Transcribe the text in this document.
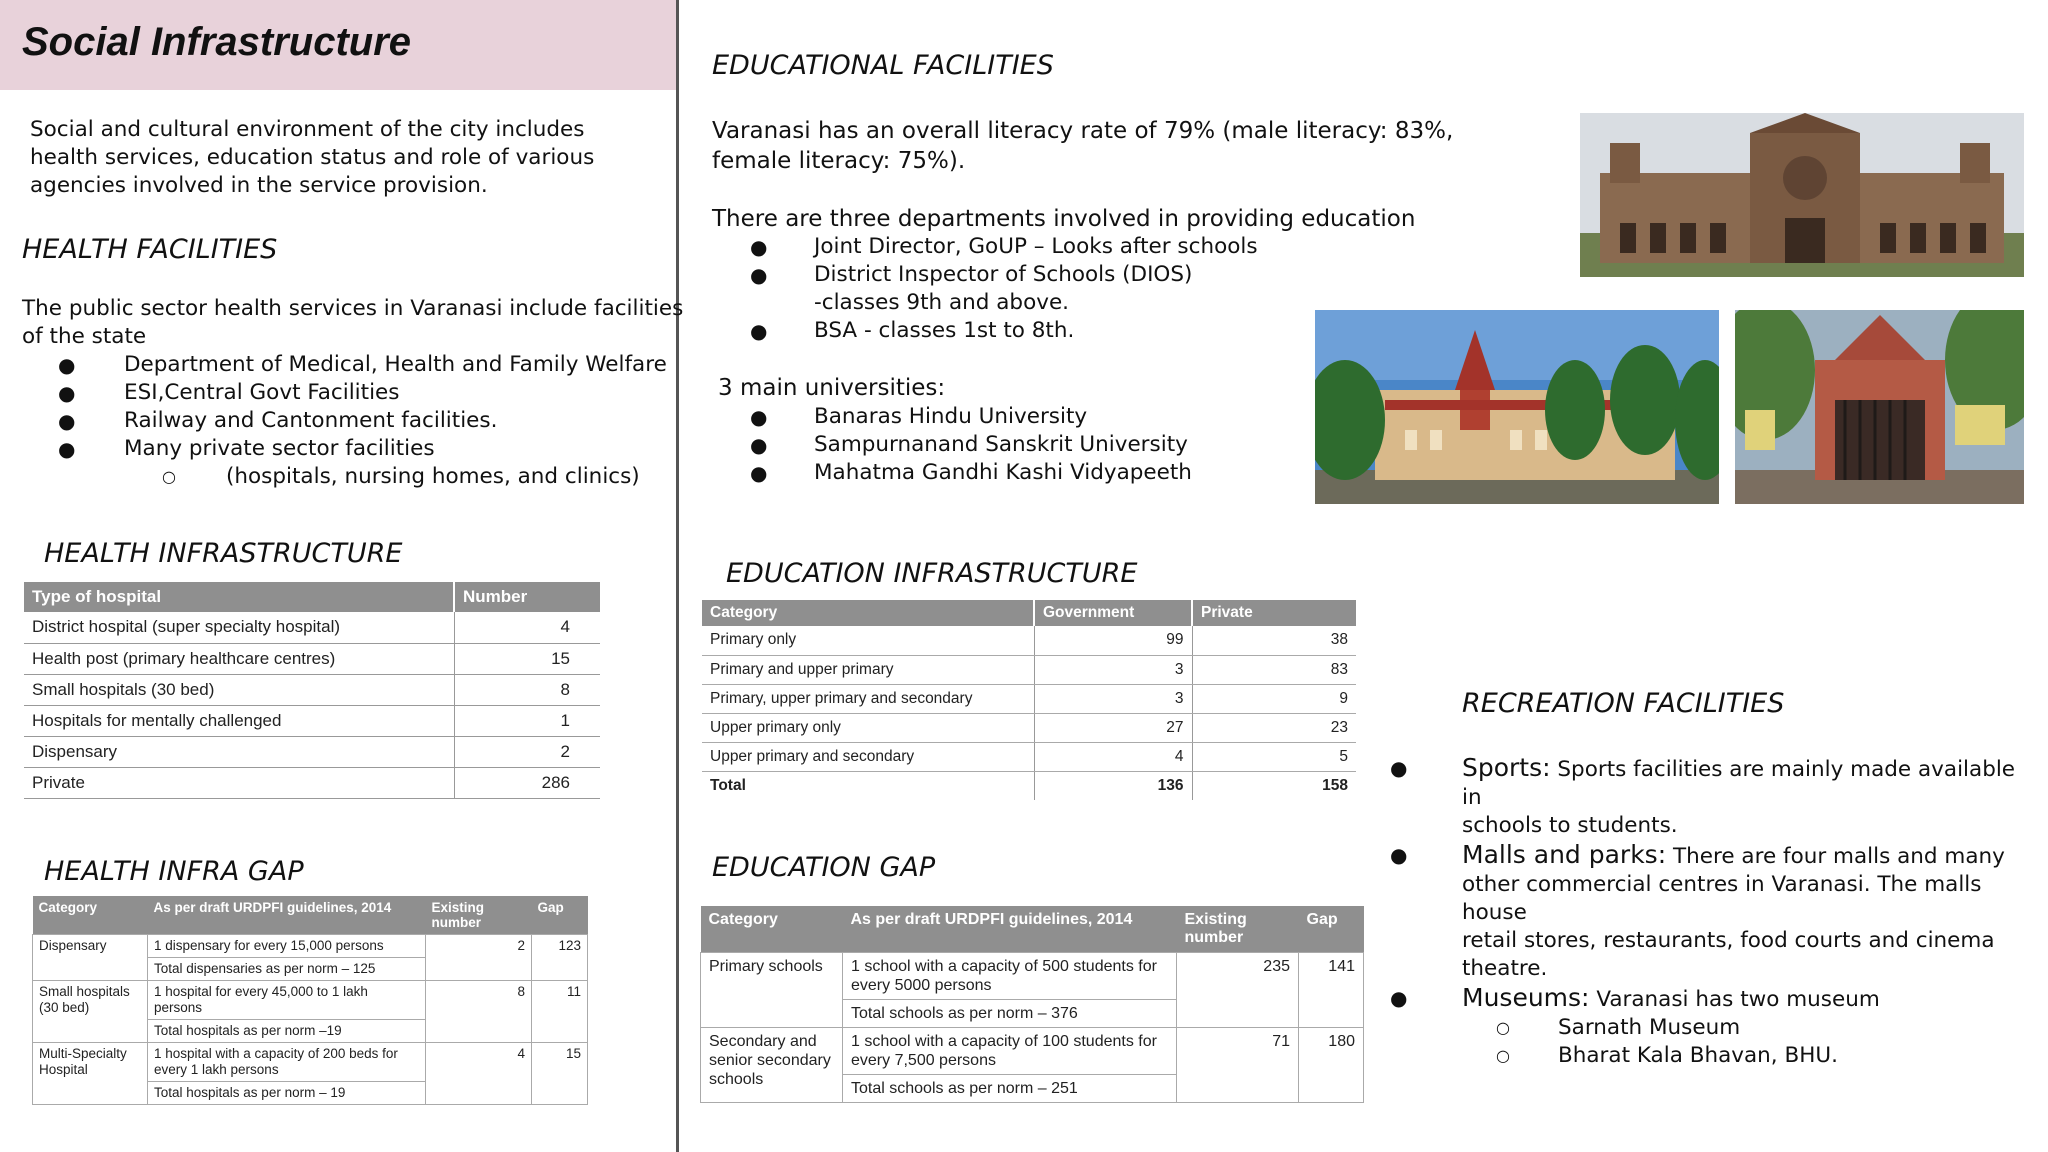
Social Infrastructure
Social and cultural environment of the city includes
health services, education status and role of various
agencies involved in the service provision.
HEALTH FACILITIES
The public sector health services in Varanasi include facilities
of the state
● Department of Medical, Health and Family Welfare
● ESI,Central Govt Facilities
● Railway and Cantonment facilities.
● Many private sector facilities
○ (hospitals, nursing homes, and clinics)
HEALTH INFRASTRUCTURE
Type of hospital	Number
District hospital (super specialty hospital)	4
Health post (primary healthcare centres)	15
Small hospitals (30 bed)	8
Hospitals for mentally challenged	1
Dispensary	2
Private	286
HEALTH INFRA GAP
Category	As per draft URDPFI guidelines, 2014	Existing number	Gap
Dispensary	1 dispensary for every 15,000 persons	2	123
	Total dispensaries as per norm – 125		
Small hospitals (30 bed)	1 hospital for every 45,000 to 1 lakh persons	8	11
	Total hospitals as per norm –19		
Multi-Specialty Hospital	1 hospital with a capacity of 200 beds for every 1 lakh persons	4	15
	Total hospitals as per norm – 19		
EDUCATIONAL FACILITIES
Varanasi has an overall literacy rate of 79% (male literacy: 83%,
female literacy: 75%).
There are three departments involved in providing education
● Joint Director, GoUP – Looks after schools
● District Inspector of Schools (DIOS)
-classes 9th and above.
● BSA - classes 1st to 8th.
3 main universities:
● Banaras Hindu University
● Sampurnanand Sanskrit University
● Mahatma Gandhi Kashi Vidyapeeth
EDUCATION INFRASTRUCTURE
Category	Government	Private
Primary only	99	38
Primary and upper primary	3	83
Primary, upper primary and secondary	3	9
Upper primary only	27	23
Upper primary and secondary	4	5
Total	136	158
EDUCATION GAP
Category	As per draft URDPFI guidelines, 2014	Existing number	Gap
Primary schools	1 school with a capacity of 500 students for every 5000 persons	235	141
	Total schools as per norm – 376		
Secondary and senior secondary schools	1 school with a capacity of 100 students for every 7,500 persons	71	180
	Total schools as per norm – 251		
RECREATION FACILITIES
● Sports: Sports facilities are mainly made available in
schools to students.
● Malls and parks: There are four malls and many
other commercial centres in Varanasi. The malls house
retail stores, restaurants, food courts and cinema
theatre.
● Museums: Varanasi has two museum
○ Sarnath Museum
○ Bharat Kala Bhavan, BHU.
